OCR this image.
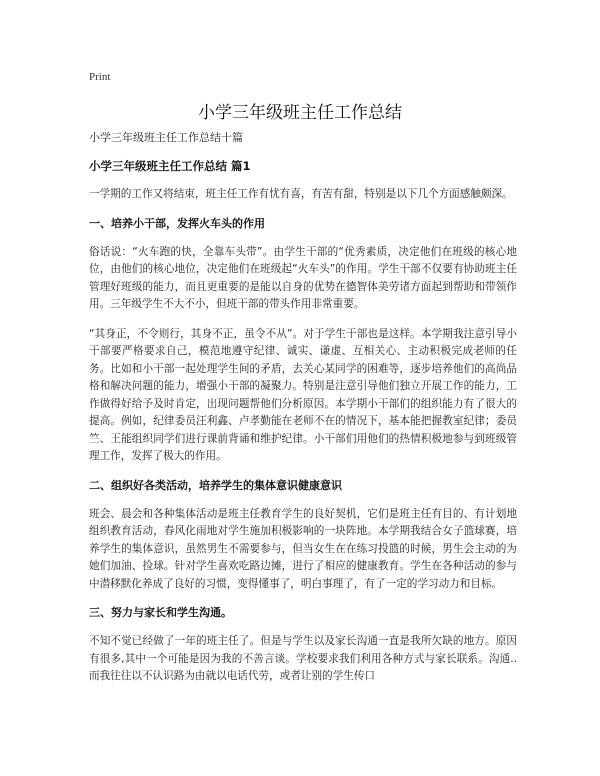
Print
小学三年级班主任工作总结

小学三年级班主任工作总结十篇

小学三年级班主任工作总结 篇1

一学期的工作又将结束，班主任工作有忧有喜，有苦有甜，特别是以下几个方面感触颇深。

一、培养小干部，发挥火车头的作用

俗话说：“火车跑的快，全靠车头带”。由学生干部的“优秀素质，决定他们在班级的核心地位，由他们的核心地位，决定他们在班级起“火车头”的作用。学生干部不仅要有协助班主任管理好班级的能力，而且更重要的是能以自身的优势在德智体美劳诸方面起到帮助和带领作用。三年级学生不大不小，但班干部的带头作用非常重要。

“其身正，不令则行，其身不正，虽令不从”。对于学生干部也是这样。本学期我注意引导小干部要严格要求自己，模范地遵守纪律、诚实、谦虚、互相关心、主动积极完成老师的任务。比如和小干部一起处理学生间的矛盾，去关心某同学的困难等，逐步培养他们的高尚品格和解决问题的能力，增强小干部的凝聚力。特别是注意引导他们独立开展工作的能力，工作做得好给予及时肯定，出现问题帮他们分析原因。本学期小干部们的组织能力有了很大的提高。例如，纪律委员汪利鑫、卢孝勤能在老师不在的情况下，基本能把握教室纪律；委员竺、王能组织同学们进行课前背诵和维护纪律。小干部们用他们的热情积极地参与到班级管理工作，发挥了极大的作用。

二、组织好各类活动，培养学生的集体意识健康意识

班会、晨会和各种集体活动是班主任教育学生的良好契机，它们是班主任有目的、有计划地组织教育活动，春风化雨地对学生施加积极影响的一块阵地。本学期我结合女子篮球赛，培养学生的集体意识，虽然男生不需要参与，但当女生在在练习投篮的时候，男生会主动的为她们加油、捡球。针对学生喜欢吃路边摊，进行了相应的健康教育。学生在各种活动的参与中潜移默化养成了良好的习惯，变得懂事了，明白事理了，有了一定的学习动力和目标。

三、努力与家长和学生沟通。

不知不觉已经做了一年的班主任了。但是与学生以及家长沟通一直是我所欠缺的地方。原因有很多,其中一个可能是因为我的不善言谈。学校要求我们利用各种方式与家长联系。沟通..而我往往以不认识路为由就以电话代劳，或者让别的学生传口
